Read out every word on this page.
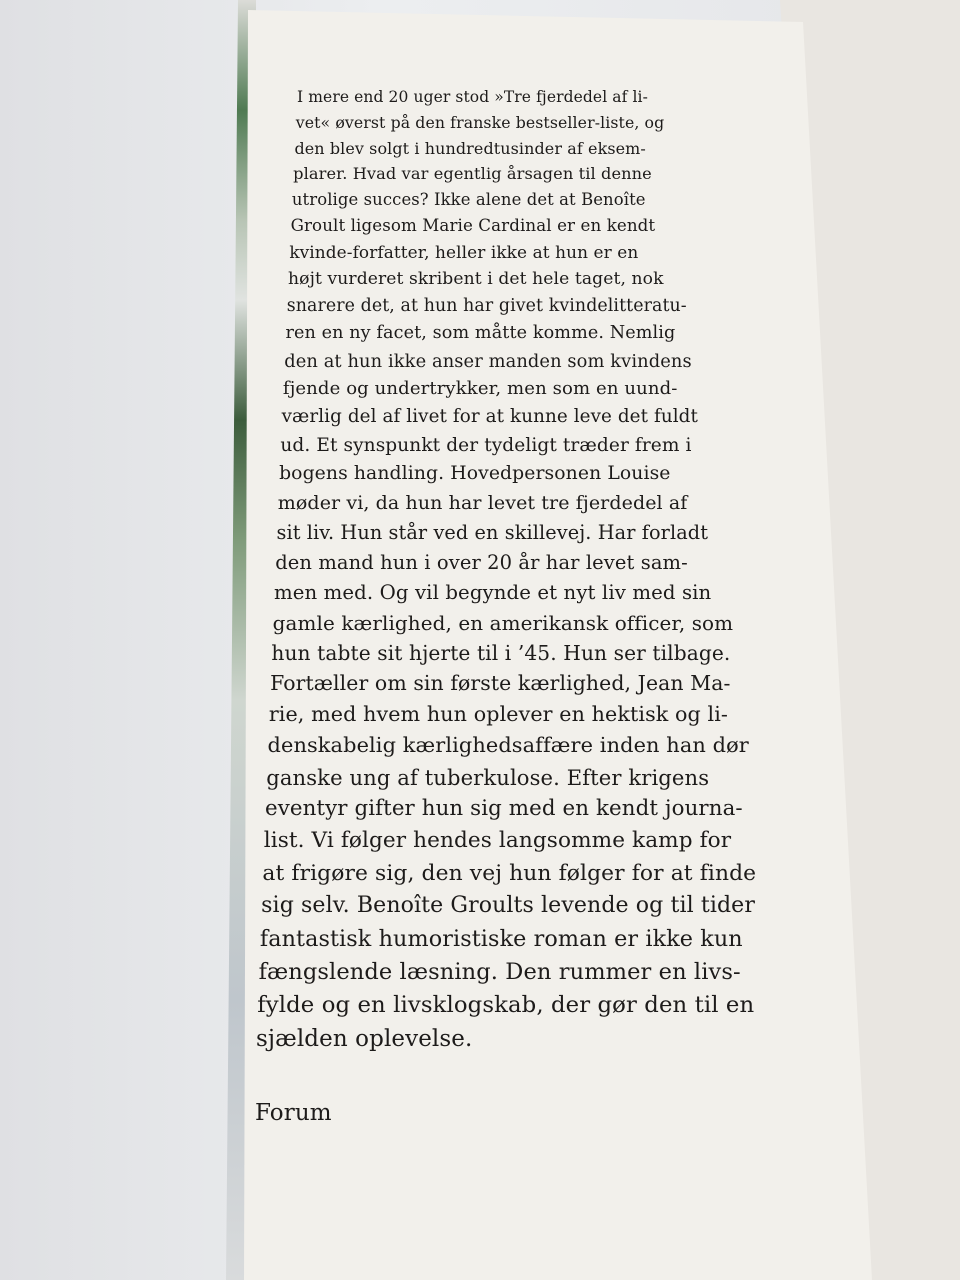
I mere end 20 uger stod »Tre fjerdedel af li-
vet« øverst på den franske bestseller-liste, og
den blev solgt i hundredtusinder af eksem-
plarer. Hvad var egentlig årsagen til denne
utrolige succes? Ikke alene det at Benoîte
Groult ligesom Marie Cardinal er en kendt
kvinde-forfatter, heller ikke at hun er en
højt vurderet skribent i det hele taget, nok
snarere det, at hun har givet kvindelitteratu-
ren en ny facet, som måtte komme. Nemlig
den at hun ikke anser manden som kvindens
fjende og undertrykker, men som en uund-
værlig del af livet for at kunne leve det fuldt
ud. Et synspunkt der tydeligt træder frem i
bogens handling. Hovedpersonen Louise
møder vi, da hun har levet tre fjerdedel af
sit liv. Hun står ved en skillevej. Har forladt
den mand hun i over 20 år har levet sam-
men med. Og vil begynde et nyt liv med sin
gamle kærlighed, en amerikansk officer, som
hun tabte sit hjerte til i ’45. Hun ser tilbage.
Fortæller om sin første kærlighed, Jean Ma-
rie, med hvem hun oplever en hektisk og li-
denskabelig kærlighedsaffære inden han dør
ganske ung af tuberkulose. Efter krigens
eventyr gifter hun sig med en kendt journa-
list. Vi følger hendes langsomme kamp for
at frigøre sig, den vej hun følger for at finde
sig selv. Benoîte Groults levende og til tider
fantastisk humoristiske roman er ikke kun
fængslende læsning. Den rummer en livs-
fylde og en livsklogskab, der gør den til en
sjælden oplevelse.
Forum
